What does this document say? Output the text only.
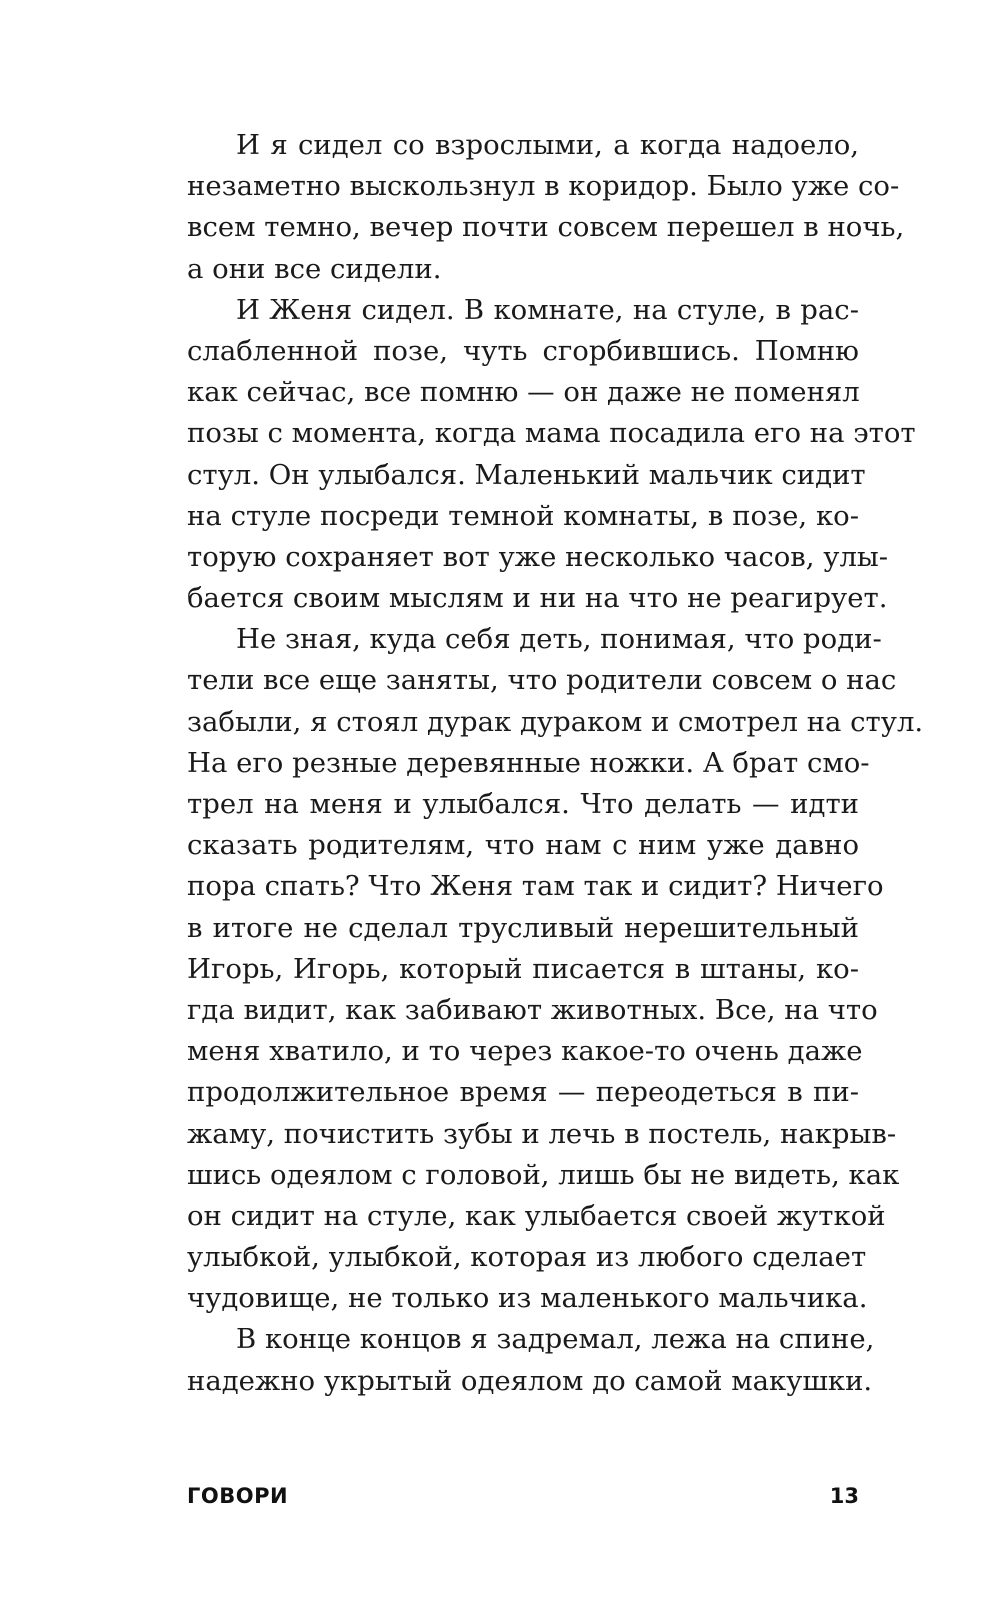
И я сидел со взрослыми, а когда надоело,
незаметно выскользнул в коридор. Было уже со-
всем темно, вечер почти совсем перешел в ночь,
а они все сидели.
И Женя сидел. В комнате, на стуле, в рас-
слабленной позе, чуть сгорбившись. Помню
как сейчас, все помню — он даже не поменял
позы с момента, когда мама посадила его на этот
стул. Он улыбался. Маленький мальчик сидит
на стуле посреди темной комнаты, в позе, ко-
торую сохраняет вот уже несколько часов, улы-
бается своим мыслям и ни на что не реагирует.
Не зная, куда себя деть, понимая, что роди-
тели все еще заняты, что родители совсем о нас
забыли, я стоял дурак дураком и смотрел на стул.
На его резные деревянные ножки. А брат смо-
трел на меня и улыбался. Что делать — идти
сказать родителям, что нам с ним уже давно
пора спать? Что Женя там так и сидит? Ничего
в итоге не сделал трусливый нерешительный
Игорь, Игорь, который писается в штаны, ко-
гда видит, как забивают животных. Все, на что
меня хватило, и то через какое-то очень даже
продолжительное время — переодеться в пи-
жаму, почистить зубы и лечь в постель, накрыв-
шись одеялом с головой, лишь бы не видеть, как
он сидит на стуле, как улыбается своей жуткой
улыбкой, улыбкой, которая из любого сделает
чудовище, не только из маленького мальчика.
В конце концов я задремал, лежа на спине,
надежно укрытый одеялом до самой макушки.
ГОВОРИ	13
